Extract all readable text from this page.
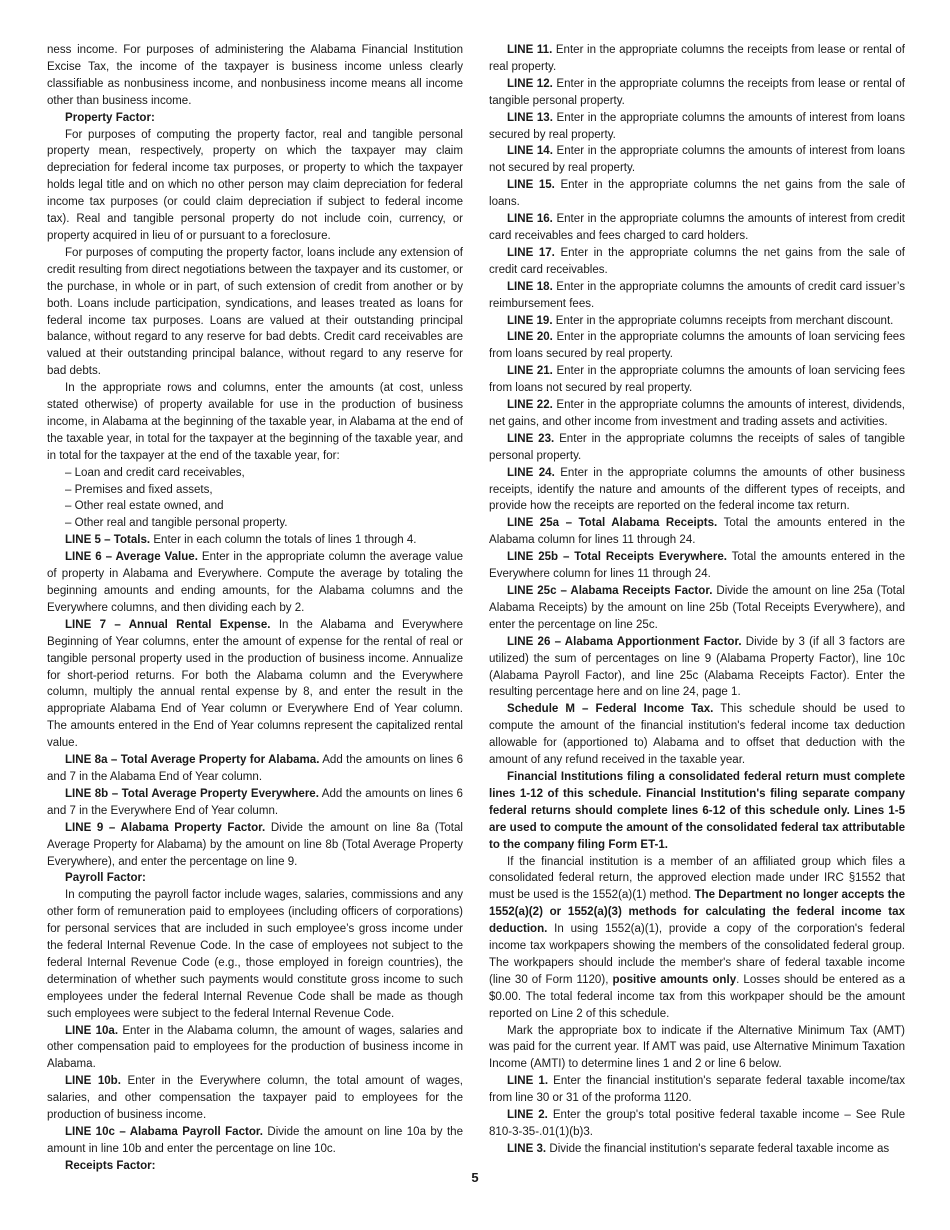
ness income. For purposes of administering the Alabama Financial Institution Excise Tax, the income of the taxpayer is business income unless clearly classifiable as nonbusiness income, and nonbusiness income means all income other than business income.

Property Factor:

For purposes of computing the property factor, real and tangible personal property mean, respectively, property on which the taxpayer may claim depreciation for federal income tax purposes, or property to which the taxpayer holds legal title and on which no other person may claim depreciation for federal income tax purposes (or could claim depreciation if subject to federal income tax). Real and tangible personal property do not include coin, currency, or property acquired in lieu of or pursuant to a foreclosure.

For purposes of computing the property factor, loans include any extension of credit resulting from direct negotiations between the taxpayer and its customer, or the purchase, in whole or in part, of such extension of credit from another or by both. Loans include participation, syndications, and leases treated as loans for federal income tax purposes. Loans are valued at their outstanding principal balance, without regard to any reserve for bad debts. Credit card receivables are valued at their outstanding principal balance, without regard to any reserve for bad debts.

In the appropriate rows and columns, enter the amounts (at cost, unless stated otherwise) of property available for use in the production of business income, in Alabama at the beginning of the taxable year, in Alabama at the end of the taxable year, in total for the taxpayer at the beginning of the taxable year, and in total for the taxpayer at the end of the taxable year, for:

– Loan and credit card receivables,

– Premises and fixed assets,

– Other real estate owned, and

– Other real and tangible personal property.

LINE 5 – Totals. Enter in each column the totals of lines 1 through 4.

LINE 6 – Average Value. Enter in the appropriate column the average value of property in Alabama and Everywhere. Compute the average by totaling the beginning amounts and ending amounts, for the Alabama columns and the Everywhere columns, and then dividing each by 2.

LINE 7 – Annual Rental Expense. In the Alabama and Everywhere Beginning of Year columns, enter the amount of expense for the rental of real or tangible personal property used in the production of business income. Annualize for short-period returns. For both the Alabama column and the Everywhere column, multiply the annual rental expense by 8, and enter the result in the appropriate Alabama End of Year column or Everywhere End of Year column. The amounts entered in the End of Year columns represent the capitalized rental value.

LINE 8a – Total Average Property for Alabama. Add the amounts on lines 6 and 7 in the Alabama End of Year column.

LINE 8b – Total Average Property Everywhere. Add the amounts on lines 6 and 7 in the Everywhere End of Year column.

LINE 9 – Alabama Property Factor. Divide the amount on line 8a (Total Average Property for Alabama) by the amount on line 8b (Total Average Property Everywhere), and enter the percentage on line 9.

Payroll Factor:

In computing the payroll factor include wages, salaries, commissions and any other form of remuneration paid to employees (including officers of corporations) for personal services that are included in such employee’s gross income under the federal Internal Revenue Code. In the case of employees not subject to the federal Internal Revenue Code (e.g., those employed in foreign countries), the determination of whether such payments would constitute gross income to such employees under the federal Internal Revenue Code shall be made as though such employees were subject to the federal Internal Revenue Code.

LINE 10a. Enter in the Alabama column, the amount of wages, salaries and other compensation paid to employees for the production of business income in Alabama.

LINE 10b. Enter in the Everywhere column, the total amount of wages, salaries, and other compensation the taxpayer paid to employees for the production of business income.

LINE 10c – Alabama Payroll Factor. Divide the amount on line 10a by the amount in line 10b and enter the percentage on line 10c.

Receipts Factor:

LINE 11. Enter in the appropriate columns the receipts from lease or rental of real property.

LINE 12. Enter in the appropriate columns the receipts from lease or rental of tangible personal property.

LINE 13. Enter in the appropriate columns the amounts of interest from loans secured by real property.

LINE 14. Enter in the appropriate columns the amounts of interest from loans not secured by real property.

LINE 15. Enter in the appropriate columns the net gains from the sale of loans.

LINE 16. Enter in the appropriate columns the amounts of interest from credit card receivables and fees charged to card holders.

LINE 17. Enter in the appropriate columns the net gains from the sale of credit card receivables.

LINE 18. Enter in the appropriate columns the amounts of credit card issuer’s reimbursement fees.

LINE 19. Enter in the appropriate columns receipts from merchant discount.

LINE 20. Enter in the appropriate columns the amounts of loan servicing fees from loans secured by real property.

LINE 21. Enter in the appropriate columns the amounts of loan servicing fees from loans not secured by real property.

LINE 22. Enter in the appropriate columns the amounts of interest, dividends, net gains, and other income from investment and trading assets and activities.

LINE 23. Enter in the appropriate columns the receipts of sales of tangible personal property.

LINE 24. Enter in the appropriate columns the amounts of other business receipts, identify the nature and amounts of the different types of receipts, and provide how the receipts are reported on the federal income tax return.

LINE 25a – Total Alabama Receipts. Total the amounts entered in the Alabama column for lines 11 through 24.

LINE 25b – Total Receipts Everywhere. Total the amounts entered in the Everywhere column for lines 11 through 24.

LINE 25c – Alabama Receipts Factor. Divide the amount on line 25a (Total Alabama Receipts) by the amount on line 25b (Total Receipts Everywhere), and enter the percentage on line 25c.

LINE 26 – Alabama Apportionment Factor. Divide by 3 (if all 3 factors are utilized) the sum of percentages on line 9 (Alabama Property Factor), line 10c (Alabama Payroll Factor), and line 25c (Alabama Receipts Factor). Enter the resulting percentage here and on line 24, page 1.

Schedule M – Federal Income Tax. This schedule should be used to compute the amount of the financial institution's federal income tax deduction allowable for (apportioned to) Alabama and to offset that deduction with the amount of any refund received in the taxable year.

Financial Institutions filing a consolidated federal return must complete lines 1-12 of this schedule. Financial Institution's filing separate company federal returns should complete lines 6-12 of this schedule only. Lines 1-5 are used to compute the amount of the consolidated federal tax attributable to the company filing Form ET-1.

If the financial institution is a member of an affiliated group which files a consolidated federal return, the approved election made under IRC §1552 that must be used is the 1552(a)(1) method. The Department no longer accepts the 1552(a)(2) or 1552(a)(3) methods for calculating the federal income tax deduction. In using 1552(a)(1), provide a copy of the corporation's federal income tax workpapers showing the members of the consolidated federal group. The workpapers should include the member's share of federal taxable income (line 30 of Form 1120), positive amounts only. Losses should be entered as a $0.00. The total federal income tax from this workpaper should be the amount reported on Line 2 of this schedule.

Mark the appropriate box to indicate if the Alternative Minimum Tax (AMT) was paid for the current year. If AMT was paid, use Alternative Minimum Taxation Income (AMTI) to determine lines 1 and 2 or line 6 below.

LINE 1. Enter the financial institution's separate federal taxable income/tax from line 30 or 31 of the proforma 1120.

LINE 2. Enter the group's total positive federal taxable income – See Rule 810-3-35-.01(1)(b)3.

LINE 3. Divide the financial institution's separate federal taxable income as

5
